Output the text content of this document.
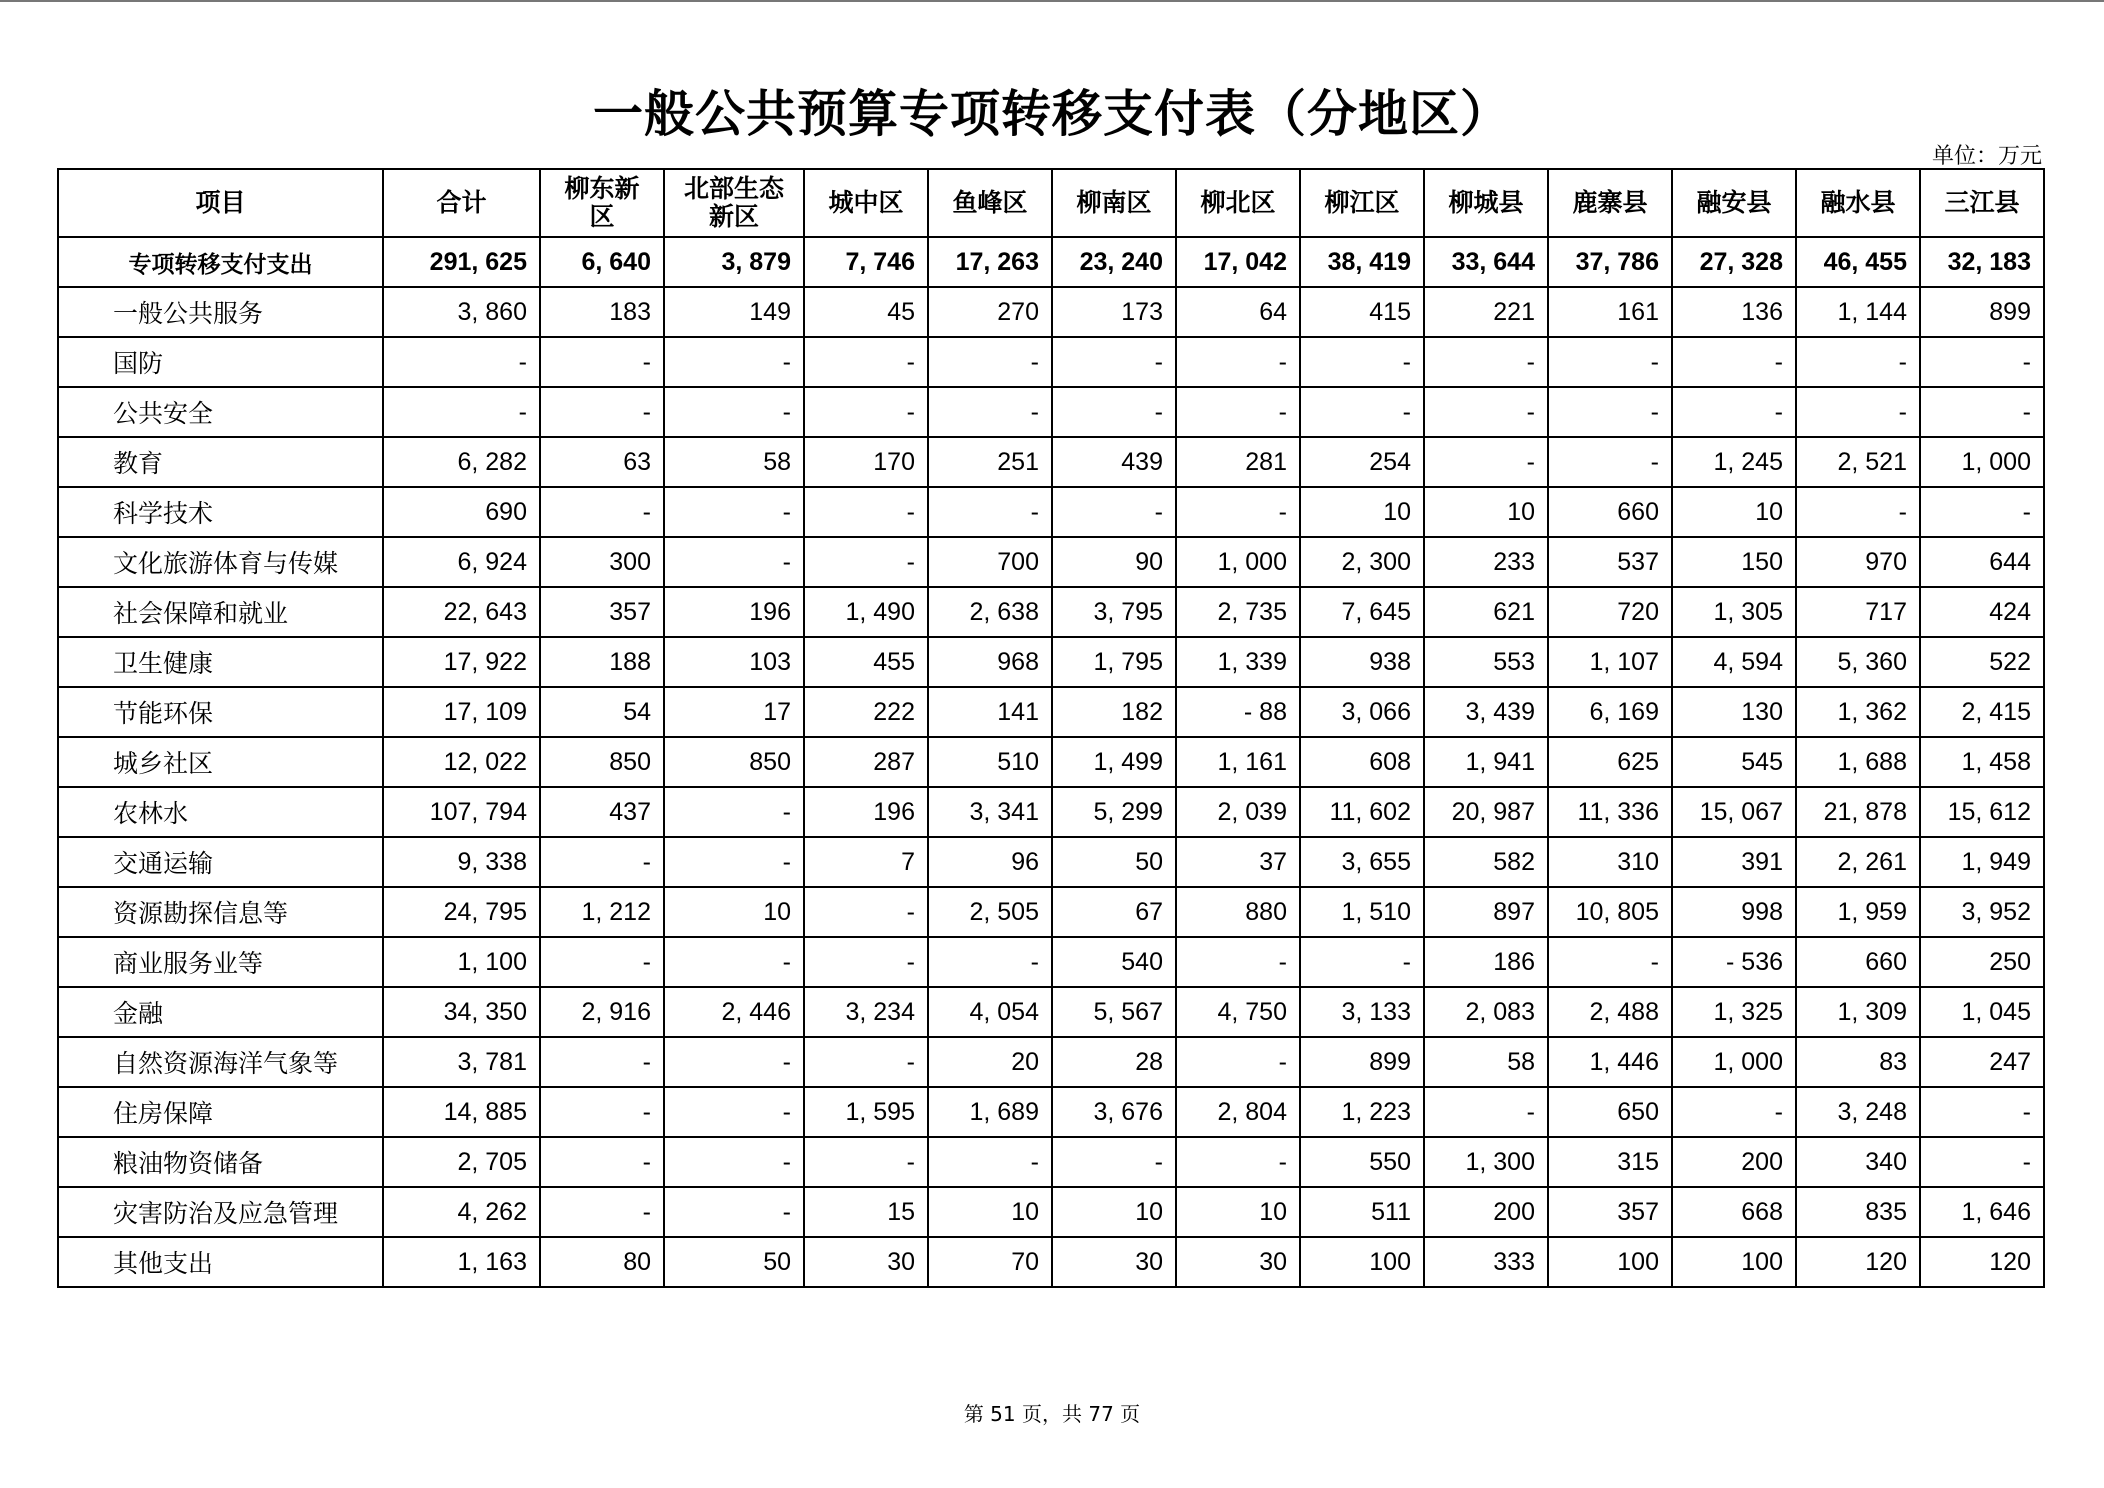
一般公共预算专项转移支付表（分地区）
单位：万元
项目	合计	柳东新区	北部生态新区	城中区	鱼峰区	柳南区	柳北区	柳江区	柳城县	鹿寨县	融安县	融水县	三江县
专项转移支付支出	291, 625	6, 640	3, 879	7, 746	17, 263	23, 240	17, 042	38, 419	33, 644	37, 786	27, 328	46, 455	32, 183
一般公共服务	3, 860	183	149	45	270	173	64	415	221	161	136	1, 144	899
国防	-	-	-	-	-	-	-	-	-	-	-	-	-
公共安全	-	-	-	-	-	-	-	-	-	-	-	-	-
教育	6, 282	63	58	170	251	439	281	254	-	-	1, 245	2, 521	1, 000
科学技术	690	-	-	-	-	-	-	10	10	660	10	-	-
文化旅游体育与传媒	6, 924	300	-	-	700	90	1, 000	2, 300	233	537	150	970	644
社会保障和就业	22, 643	357	196	1, 490	2, 638	3, 795	2, 735	7, 645	621	720	1, 305	717	424
卫生健康	17, 922	188	103	455	968	1, 795	1, 339	938	553	1, 107	4, 594	5, 360	522
节能环保	17, 109	54	17	222	141	182	- 88	3, 066	3, 439	6, 169	130	1, 362	2, 415
城乡社区	12, 022	850	850	287	510	1, 499	1, 161	608	1, 941	625	545	1, 688	1, 458
农林水	107, 794	437	-	196	3, 341	5, 299	2, 039	11, 602	20, 987	11, 336	15, 067	21, 878	15, 612
交通运输	9, 338	-	-	7	96	50	37	3, 655	582	310	391	2, 261	1, 949
资源勘探信息等	24, 795	1, 212	10	-	2, 505	67	880	1, 510	897	10, 805	998	1, 959	3, 952
商业服务业等	1, 100	-	-	-	-	540	-	-	186	-	- 536	660	250
金融	34, 350	2, 916	2, 446	3, 234	4, 054	5, 567	4, 750	3, 133	2, 083	2, 488	1, 325	1, 309	1, 045
自然资源海洋气象等	3, 781	-	-	-	20	28	-	899	58	1, 446	1, 000	83	247
住房保障	14, 885	-	-	1, 595	1, 689	3, 676	2, 804	1, 223	-	650	-	3, 248	-
粮油物资储备	2, 705	-	-	-	-	-	-	550	1, 300	315	200	340	-
灾害防治及应急管理	4, 262	-	-	15	10	10	10	511	200	357	668	835	1, 646
其他支出	1, 163	80	50	30	70	30	30	100	333	100	100	120	120
第 51 页，共 77 页
